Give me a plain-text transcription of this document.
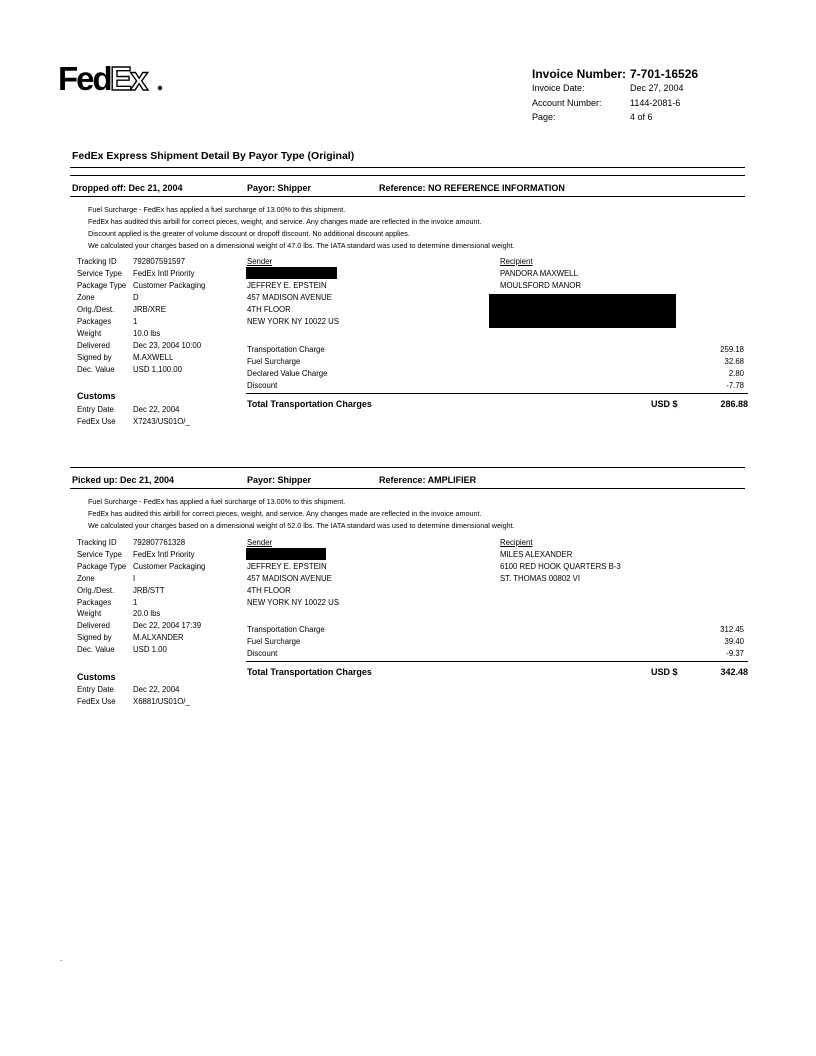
Fed Ex	Invoice Number: 7-701-16526
Invoice Date:	Dec 27, 2004
Account Number:	1144-2081-6
Page:	4 of 6
FedEx Express Shipment Detail By Payor Type (Original)
Dropped off: Dec 21, 2004	Payor: Shipper	Reference: NO REFERENCE INFORMATION
Fuel Surcharge - FedEx has applied a fuel surcharge of 13.00% to this shipment.
FedEx has audited this airbill for correct pieces, weight, and service. Any changes made are reflected in the invoice amount.
Discount applied is the greater of volume discount or dropoff discount. No additional discount applies.
We calculated your charges based on a dimensional weight of 47.0 lbs. The IATA standard was used to determine dimensional weight.
Tracking ID 792807591597
Service Type FedEx Intl Priority
Package Type Customer Packaging
Zone	D
Orig./Dest. JRB/XRE
Packages	1
Weight	10.0 lbs
Delivered	Dec 23, 2004 10:00
Signed by	M.AXWELL
Dec. Value USD 1,100.00
Sender
JEFFREY E. EPSTEIN
457 MADISON AVENUE
4TH FLOOR
NEW YORK NY 10022 US
Recipient
PANDORA MAXWELL
MOULSFORD MANOR
Transportation Charge	259.18
Fuel Surcharge	32.68
Declared Value Charge	2.80
Discount	-7.78
Total Transportation Charges	USD $	286.88
Customs
Entry Date Dec 22, 2004
FedEx Use X7243/US01O/_
Picked up: Dec 21, 2004	Payor: Shipper	Reference: AMPLIFIER
Fuel Surcharge - FedEx has applied a fuel surcharge of 13.00% to this shipment.
FedEx has audited this airbill for correct pieces, weight, and service. Any changes made are reflected in the invoice amount.
We calculated your charges based on a dimensional weight of 52.0 lbs. The IATA standard was used to determine dimensional weight.
Tracking ID 792807761328
Service Type FedEx Intl Priority
Package Type Customer Packaging
Zone	I
Orig./Dest. JRB/STT
Packages	1
Weight	20.0 lbs
Delivered	Dec 22, 2004 17:39
Signed by	M.ALXANDER
Dec. Value USD 1.00
Sender
JEFFREY E. EPSTEIN
457 MADISON AVENUE
4TH FLOOR
NEW YORK NY 10022 US
Recipient
MILES ALEXANDER
6100 RED HOOK QUARTERS B-3
ST. THOMAS 00802 VI
Transportation Charge	312.45
Fuel Surcharge	39.40
Discount	-9.37
Total Transportation Charges	USD $	342.48
Customs
Entry Date Dec 22, 2004
FedEx Use X6881/US01O/_
.
